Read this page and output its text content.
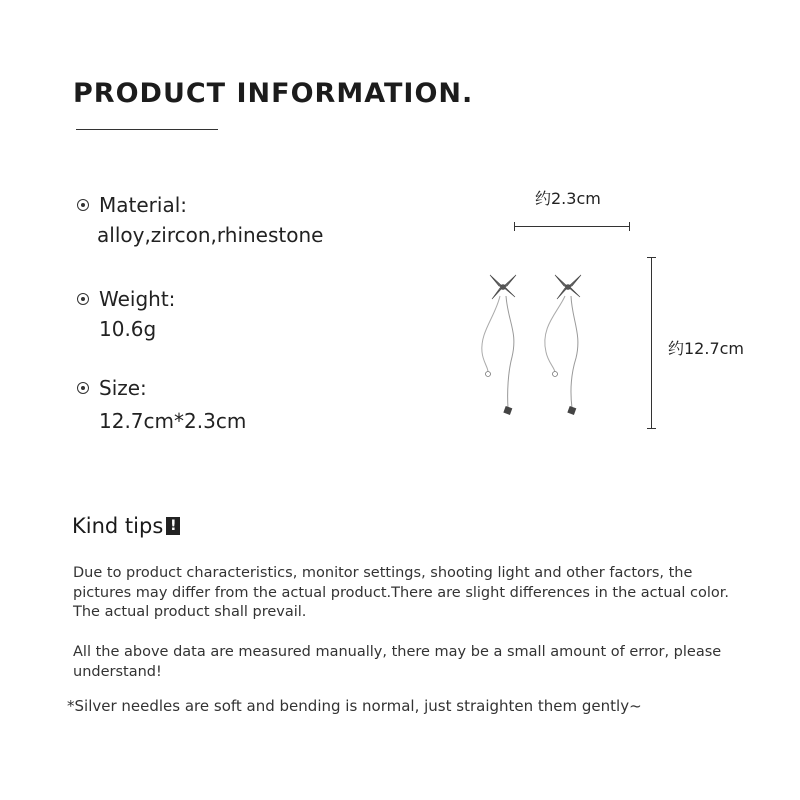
PRODUCT INFORMATION.
Material:
alloy,zircon,rhinestone
Weight:
10.6g
Size:
12.7cm*2.3cm
约2.3cm
约12.7cm
Kind tips !
Due to product characteristics, monitor settings, shooting light and other factors, the pictures may differ from the actual product.There are slight differences in the actual color. The actual product shall prevail.
All the above data are measured manually, there may be a small amount of error, please understand!
*Silver needles are soft and bending is normal, just straighten them gently~
